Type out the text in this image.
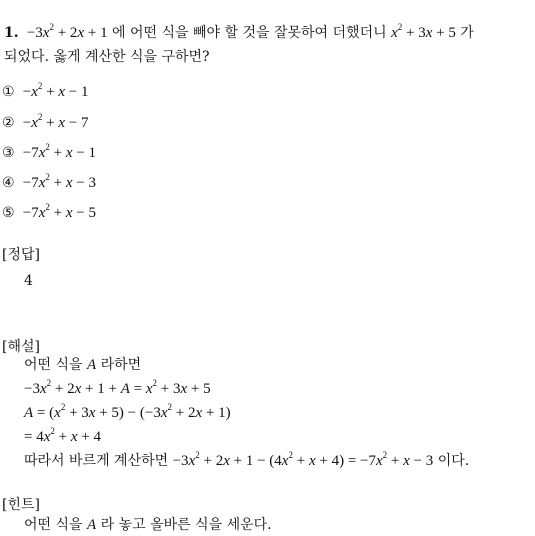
1.  $-3x^2 + 2x + 1$ 에 어떤 식을 빼야 할 것을 잘못하여 더했더니 $x^2 + 3x + 5$ 가
되었다. 옳게 계산한 식을 구하면?
①  $-x^2 + x - 1$
②  $-x^2 + x - 7$
③  $-7x^2 + x - 1$
④  $-7x^2 + x - 3$
⑤  $-7x^2 + x - 5$
[정답]
4
[해설]
어떤 식을 A 라하면
$-3x^2 + 2x + 1 + A = x^2 + 3x + 5$
$A = (x^2 + 3x + 5) - (-3x^2 + 2x + 1)$
= $4x^2 + x + 4$
따라서 바르게 계산하면 $-3x^2 + 2x + 1 - (4x^2 + x + 4) = -7x^2 + x - 3$ 이다.
[힌트]
어떤 식을 A 라 놓고 올바른 식을 세운다.
